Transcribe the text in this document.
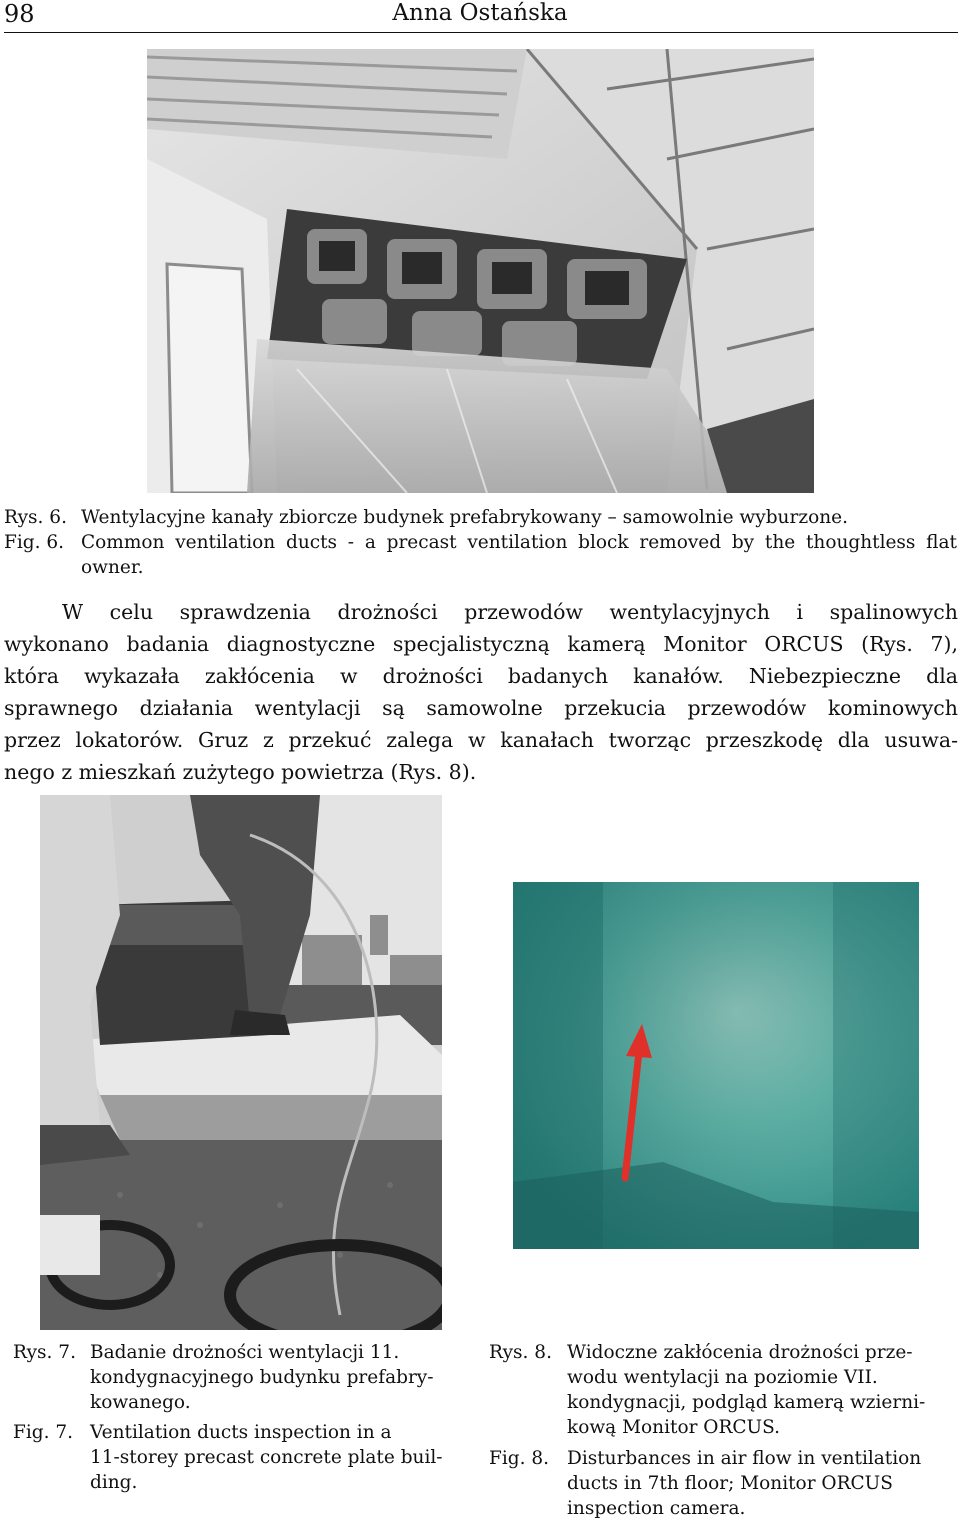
98	Anna Ostańska
Rys. 6. Wentylacyjne kanały zbiorcze budynek prefabrykowany – samowolnie wyburzone.
Fig. 6. Common ventilation ducts - a precast ventilation block removed by the thoughtless flat
owner.
W celu sprawdzenia drożności przewodów wentylacyjnych i spalinowych
wykonano badania diagnostyczne specjalistyczną kamerą Monitor ORCUS (Rys. 7),
która wykazała zakłócenia w drożności badanych kanałów. Niebezpieczne dla
sprawnego działania wentylacji są samowolne przekucia przewodów kominowych
przez lokatorów. Gruz z przekuć zalega w kanałach tworząc przeszkodę dla usuwa-
nego z mieszkań zużytego powietrza (Rys. 8).
Rys. 7. Badanie drożności wentylacji 11.
kondygnacyjnego budynku prefabry-
kowanego.
Fig. 7. Ventilation ducts inspection in a
11-storey precast concrete plate buil-
ding.
Rys. 8. Widoczne zakłócenia drożności prze-
wodu wentylacji na poziomie VII.
kondygnacji, podgląd kamerą wzierni-
kową Monitor ORCUS.
Fig. 8. Disturbances in air flow in ventilation
ducts in 7th floor; Monitor ORCUS
inspection camera.
